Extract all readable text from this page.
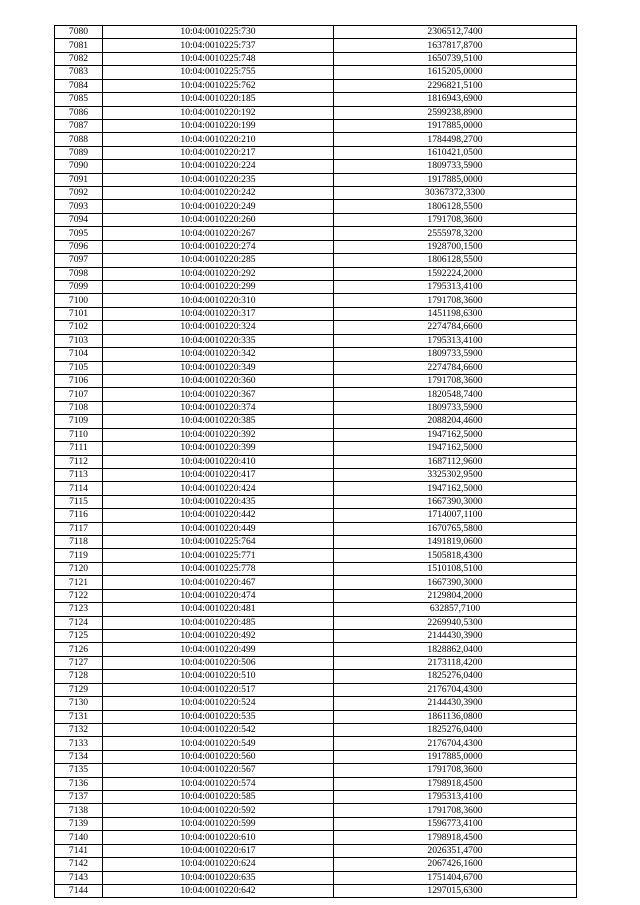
7080	10:04:0010225:730	2306512,7400
7081	10:04:0010225:737	1637817,8700
7082	10:04:0010225:748	1650739,5100
7083	10:04:0010225:755	1615205,0000
7084	10:04:0010225:762	2296821,5100
7085	10:04:0010220:185	1816943,6900
7086	10:04:0010220:192	2599238,8900
7087	10:04:0010220:199	1917885,0000
7088	10:04:0010220:210	1784498,2700
7089	10:04:0010220:217	1610421,0500
7090	10:04:0010220:224	1809733,5900
7091	10:04:0010220:235	1917885,0000
7092	10:04:0010220:242	30367372,3300
7093	10:04:0010220:249	1806128,5500
7094	10:04:0010220:260	1791708,3600
7095	10:04:0010220:267	2555978,3200
7096	10:04:0010220:274	1928700,1500
7097	10:04:0010220:285	1806128,5500
7098	10:04:0010220:292	1592224,2000
7099	10:04:0010220:299	1795313,4100
7100	10:04:0010220:310	1791708,3600
7101	10:04:0010220:317	1451198,6300
7102	10:04:0010220:324	2274784,6600
7103	10:04:0010220:335	1795313,4100
7104	10:04:0010220:342	1809733,5900
7105	10:04:0010220:349	2274784,6600
7106	10:04:0010220:360	1791708,3600
7107	10:04:0010220:367	1820548,7400
7108	10:04:0010220:374	1809733,5900
7109	10:04:0010220:385	2088204,4600
7110	10:04:0010220:392	1947162,5000
7111	10:04:0010220:399	1947162,5000
7112	10:04:0010220:410	1687112,9600
7113	10:04:0010220:417	3325302,9500
7114	10:04:0010220:424	1947162,5000
7115	10:04:0010220:435	1667390,3000
7116	10:04:0010220:442	1714007,1100
7117	10:04:0010220:449	1670765,5800
7118	10:04:0010225:764	1491819,0600
7119	10:04:0010225:771	1505818,4300
7120	10:04:0010225:778	1510108,5100
7121	10:04:0010220:467	1667390,3000
7122	10:04:0010220:474	2129804,2000
7123	10:04:0010220:481	632857,7100
7124	10:04:0010220:485	2269940,5300
7125	10:04:0010220:492	2144430,3900
7126	10:04:0010220:499	1828862,0400
7127	10:04:0010220:506	2173118,4200
7128	10:04:0010220:510	1825276,0400
7129	10:04:0010220:517	2176704,4300
7130	10:04:0010220:524	2144430,3900
7131	10:04:0010220:535	1861136,0800
7132	10:04:0010220:542	1825276,0400
7133	10:04:0010220:549	2176704,4300
7134	10:04:0010220:560	1917885,0000
7135	10:04:0010220:567	1791708,3600
7136	10:04:0010220:574	1798918,4500
7137	10:04:0010220:585	1795313,4100
7138	10:04:0010220:592	1791708,3600
7139	10:04:0010220:599	1596773,4100
7140	10:04:0010220:610	1798918,4500
7141	10:04:0010220:617	2026351,4700
7142	10:04:0010220:624	2067426,1600
7143	10:04:0010220:635	1751404,6700
7144	10:04:0010220:642	1297015,6300
